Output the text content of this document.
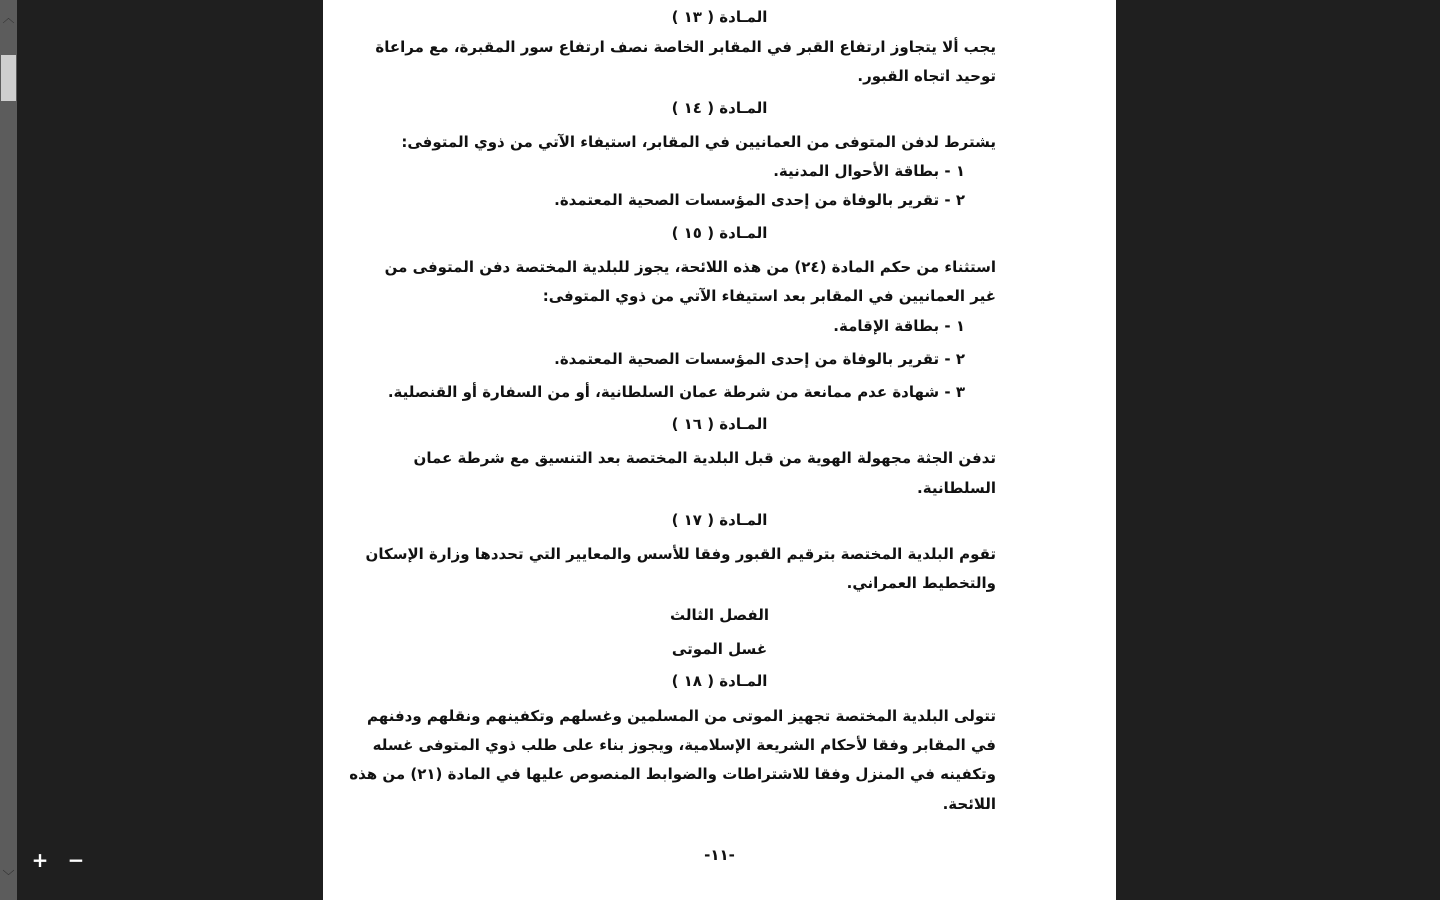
︿
﹀
+ −
المـادة ( ١٣ )
يجب ألا يتجاوز ارتفاع القبر في المقابر الخاصة نصف ارتفاع سور المقبرة، مع مراعاة
توحيد اتجاه القبور.
المـادة ( ١٤ )
يشترط لدفن المتوفى من العمانيين في المقابر، استيفاء الآتي من ذوي المتوفى:
١ - بطاقة الأحوال المدنية.
٢ - تقرير بالوفاة من إحدى المؤسسات الصحية المعتمدة.
المـادة ( ١٥ )
استثناء من حكم المادة (٢٤) من هذه اللائحة، يجوز للبلدية المختصة دفن المتوفى من
غير العمانيين في المقابر بعد استيفاء الآتي من ذوي المتوفى:
١ - بطاقة الإقامة.
٢ - تقرير بالوفاة من إحدى المؤسسات الصحية المعتمدة.
٣ - شهادة عدم ممانعة من شرطة عمان السلطانية، أو من السفارة أو القنصلية.
المـادة ( ١٦ )
تدفن الجثة مجهولة الهوية من قبل البلدية المختصة بعد التنسيق مع شرطة عمان
السلطانية.
المـادة ( ١٧ )
تقوم البلدية المختصة بترقيم القبور وفقا للأسس والمعايير التي تحددها وزارة الإسكان
والتخطيط العمراني.
الفصل الثالث
غسل الموتى
المـادة ( ١٨ )
تتولى البلدية المختصة تجهيز الموتى من المسلمين وغسلهم وتكفينهم ونقلهم ودفنهم
في المقابر وفقا لأحكام الشريعة الإسلامية، ويجوز بناء على طلب ذوي المتوفى غسله
وتكفينه في المنزل وفقا للاشتراطات والضوابط المنصوص عليها في المادة (٢١) من هذه
اللائحة.
-١١-
